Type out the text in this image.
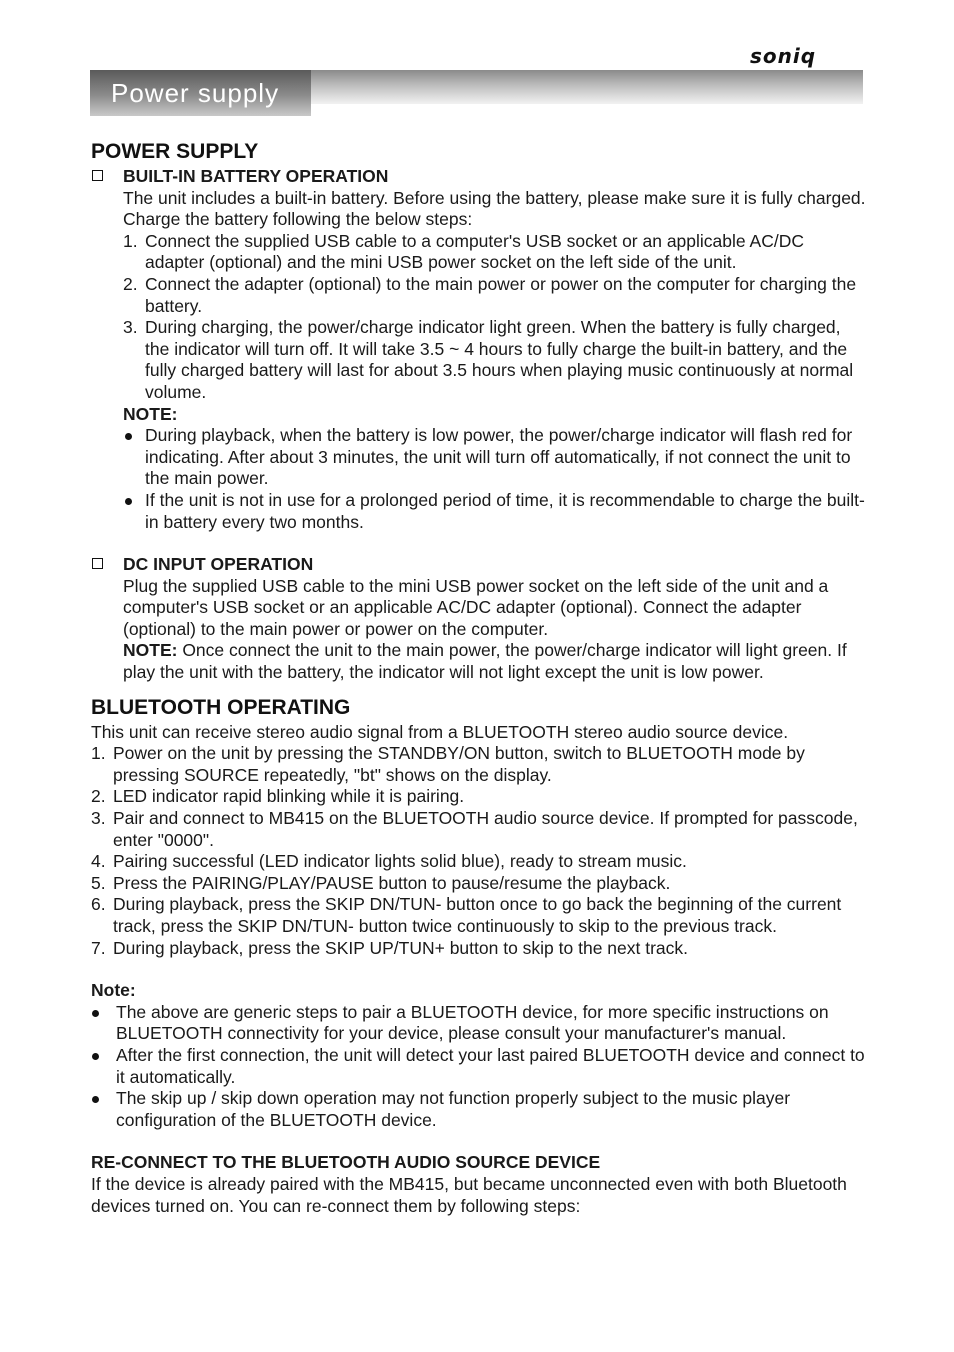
soniq
Power supply
POWER SUPPLY
BUILT-IN BATTERY OPERATION

The unit includes a built-in battery. Before using the battery, please make sure it is fully charged. Charge the battery following the below steps:

1. Connect the supplied USB cable to a computer's USB socket or an applicable AC/DC adapter (optional) and the mini USB power socket on the left side of the unit.
2. Connect the adapter (optional) to the main power or power on the computer for charging the battery.
3. During charging, the power/charge indicator light green. When the battery is fully charged, the indicator will turn off. It will take 3.5 ~ 4 hours to fully charge the built-in battery, and the fully charged battery will last for about 3.5 hours when playing music continuously at normal volume.

NOTE:

During playback, when the battery is low power, the power/charge indicator will flash red for indicating. After about 3 minutes, the unit will turn off automatically, if not connect the unit to the main power.
If the unit is not in use for a prolonged period of time, it is recommendable to charge the built-in battery every two months.
DC INPUT OPERATION

Plug the supplied USB cable to the mini USB power socket on the left side of the unit and a computer's USB socket or an applicable AC/DC adapter (optional). Connect the adapter (optional) to the main power or power on the computer.

NOTE: Once connect the unit to the main power, the power/charge indicator will light green. If play the unit with the battery, the indicator will not light except the unit is low power.

BLUETOOTH OPERATING

This unit can receive stereo audio signal from a BLUETOOTH stereo audio source device.

1. Power on the unit by pressing the STANDBY/ON button, switch to BLUETOOTH mode by pressing SOURCE repeatedly, "bt" shows on the display.
2. LED indicator rapid blinking while it is pairing.
3. Pair and connect to MB415 on the BLUETOOTH audio source device. If prompted for passcode, enter "0000".
4. Pairing successful (LED indicator lights solid blue), ready to stream music.
5. Press the PAIRING/PLAY/PAUSE button to pause/resume the playback.
6. During playback, press the SKIP DN/TUN- button once to go back the beginning of the current track, press the SKIP DN/TUN- button twice continuously to skip to the previous track.
7. During playback, press the SKIP UP/TUN+ button to skip to the next track.

Note:

The above are generic steps to pair a BLUETOOTH device, for more specific instructions on BLUETOOTH connectivity for your device, please consult your manufacturer's manual.
After the first connection, the unit will detect your last paired BLUETOOTH device and connect to it automatically.
The skip up / skip down operation may not function properly subject to the music player configuration of the BLUETOOTH device.

RE-CONNECT TO THE BLUETOOTH AUDIO SOURCE DEVICE

If the device is already paired with the MB415, but became unconnected even with both Bluetooth devices turned on. You can re-connect them by following steps:
